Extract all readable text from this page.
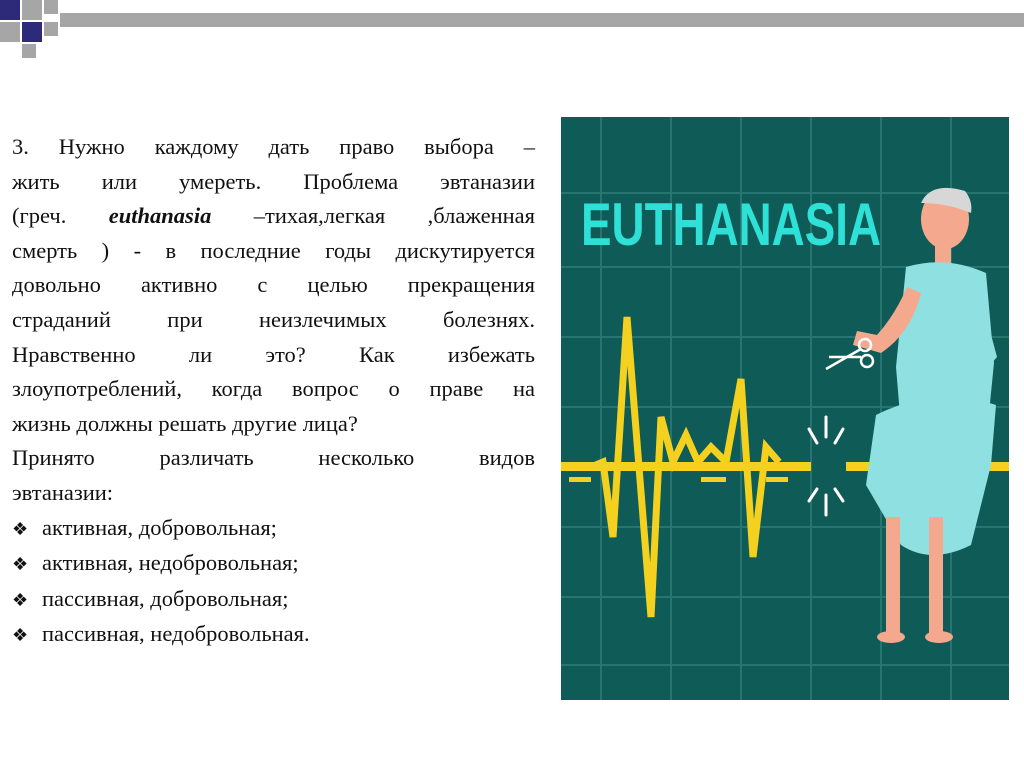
3. Нужно каждому дать право выбора –
жить или умереть. Проблема эвтаназии
(греч. euthanasia –тихая,легкая ,блаженная
смерть ) - в последние годы дискутируется
довольно активно с целью прекращения
страданий при неизлечимых болезнях.
Нравственно ли это? Как избежать
злоупотреблений, когда вопрос о праве на
жизнь должны решать другие лица?
Принято различать несколько видов
эвтаназии:
❖ активная, добровольная;
❖ активная, недобровольная;
❖ пассивная, добровольная;
❖ пассивная, недобровольная.
EUTHANASIA
